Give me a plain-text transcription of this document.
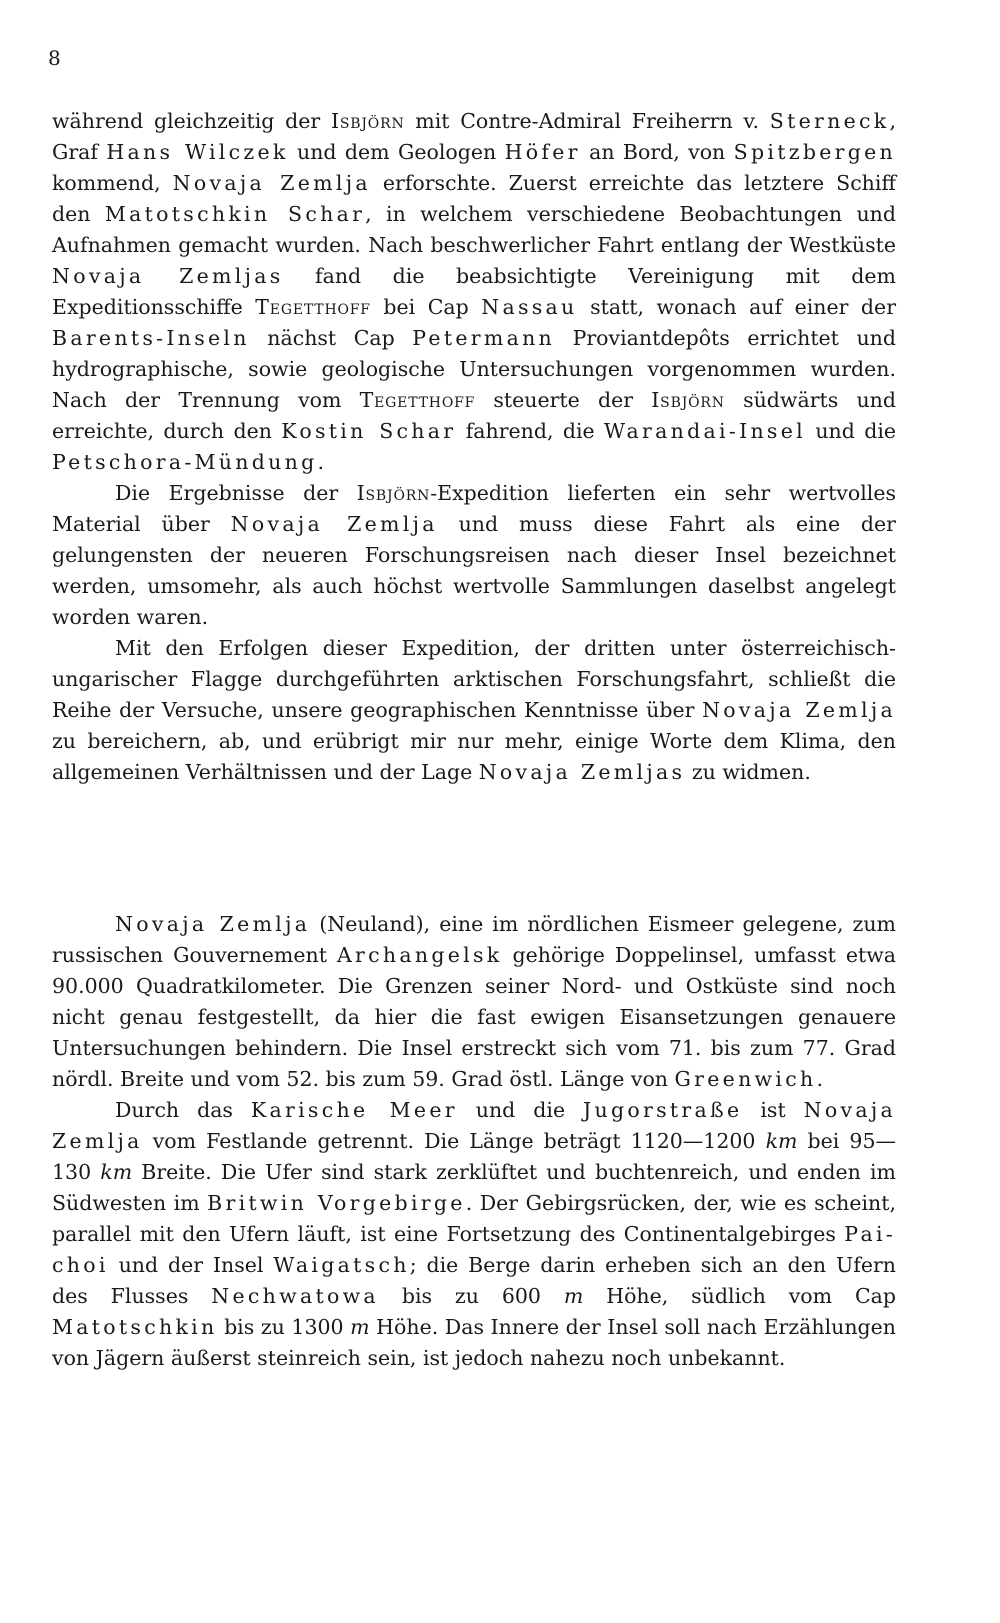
8

während gleichzeitig der Isbjörn mit Contre-Admiral Freiherrn v. Sterneck, Graf Hans Wilczek und dem Geologen Höfer an Bord, von Spitzbergen kommend, Novaja Zemlja erforschte. Zuerst erreichte das letztere Schiff den Matotschkin Schar, in welchem verschiedene Beobachtungen und Aufnahmen gemacht wurden. Nach beschwerlicher Fahrt entlang der Westküste Novaja Zemljas fand die beabsichtigte Vereinigung mit dem Expeditionsschiffe Tegetthoff bei Cap Nassau statt, wonach auf einer der Barents-Inseln nächst Cap Petermann Proviantdepôts errichtet und hydrographische, sowie geologische Untersuchungen vorgenommen wurden. Nach der Trennung vom Tegetthoff steuerte der Isbjörn südwärts und erreichte, durch den Kostin Schar fahrend, die Warandai-Insel und die Petschora-Mündung.

Die Ergebnisse der Isbjörn-Expedition lieferten ein sehr wertvolles Material über Novaja Zemlja und muss diese Fahrt als eine der gelungensten der neueren Forschungsreisen nach dieser Insel bezeichnet werden, umsomehr, als auch höchst wertvolle Sammlungen daselbst angelegt worden waren.

Mit den Erfolgen dieser Expedition, der dritten unter österreichisch-ungarischer Flagge durchgeführten arktischen Forschungsfahrt, schließt die Reihe der Versuche, unsere geographischen Kenntnisse über Novaja Zemlja zu bereichern, ab, und erübrigt mir nur mehr, einige Worte dem Klima, den allgemeinen Verhältnissen und der Lage Novaja Zemljas zu widmen.

Novaja Zemlja (Neuland), eine im nördlichen Eismeer gelegene, zum russischen Gouvernement Archangelsk gehörige Doppelinsel, umfasst etwa 90.000 Quadratkilometer. Die Grenzen seiner Nord- und Ostküste sind noch nicht genau festgestellt, da hier die fast ewigen Eisansetzungen genauere Untersuchungen behindern. Die Insel erstreckt sich vom 71. bis zum 77. Grad nördl. Breite und vom 52. bis zum 59. Grad östl. Länge von Greenwich.

Durch das Karische Meer und die Jugorstraße ist Novaja Zemlja vom Festlande getrennt. Die Länge beträgt 1120—1200 km bei 95—130 km Breite. Die Ufer sind stark zerklüftet und buchtenreich, und enden im Südwesten im Britwin Vorgebirge. Der Gebirgsrücken, der, wie es scheint, parallel mit den Ufern läuft, ist eine Fortsetzung des Continentalgebirges Pai-choi und der Insel Waigatsch; die Berge darin erheben sich an den Ufern des Flusses Nechwatowa bis zu 600 m Höhe, südlich vom Cap Matotschkin bis zu 1300 m Höhe. Das Innere der Insel soll nach Erzählungen von Jägern äußerst steinreich sein, ist jedoch nahezu noch unbekannt.
